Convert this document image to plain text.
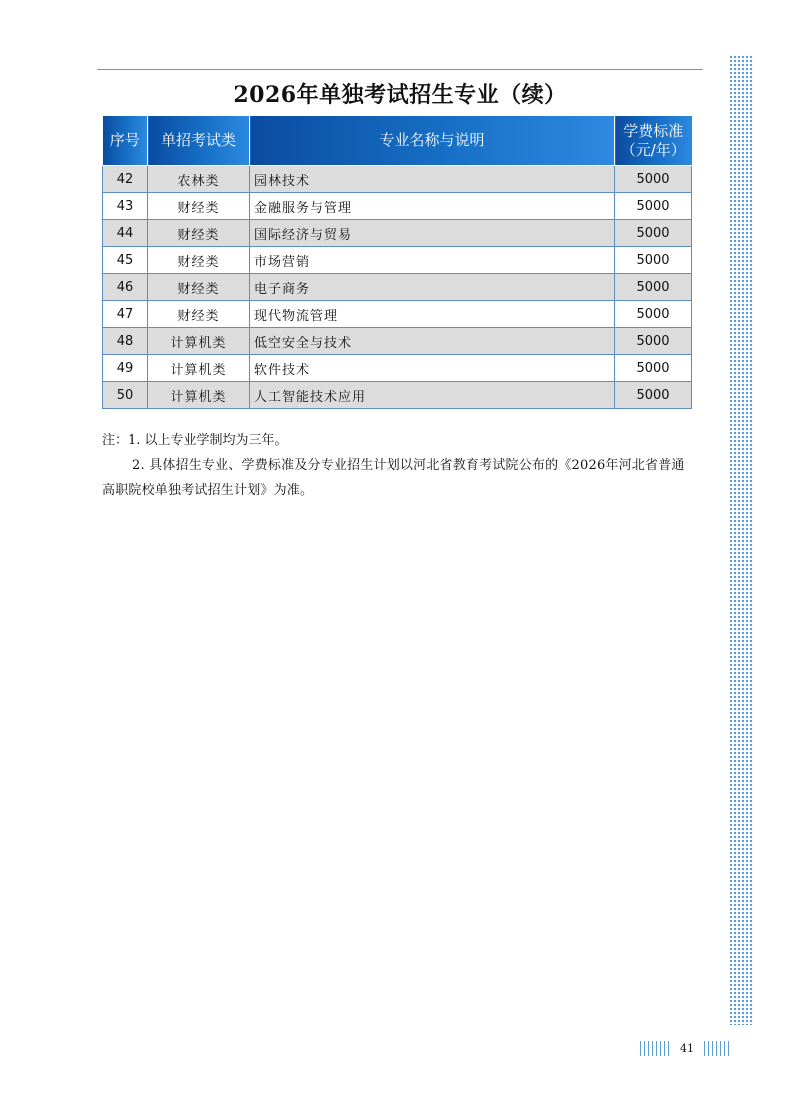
2026年单独考试招生专业（续）
序号	单招考试类	专业名称与说明	学费标准
（元/年）

42	农林类	园林技术	5000
43	财经类	金融服务与管理	5000
44	财经类	国际经济与贸易	5000
45	财经类	市场营销	5000
46	财经类	电子商务	5000
47	财经类	现代物流管理	5000
48	计算机类	低空安全与技术	5000
49	计算机类	软件技术	5000
50	计算机类	人工智能技术应用	5000
注：1. 以上专业学制均为三年。
2. 具体招生专业、学费标准及分专业招生计划以河北省教育考试院公布的《2026年河北省普通高职院校单独考试招生计划》为准。
41
